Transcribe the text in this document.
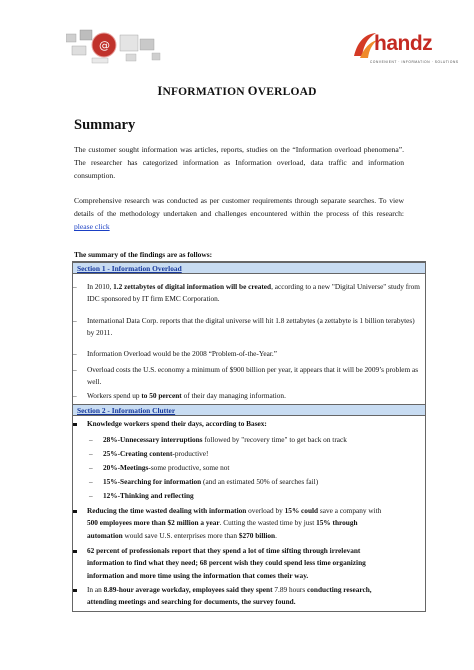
@	handz
CONVENIENT · INFORMATION · SOLUTIONS
INFORMATION OVERLOAD
Summary
The customer sought information was articles, reports, studies on the “Information overload phenomena”. The researcher has categorized information as Information overload, data traffic and information consumption.
Comprehensive research was conducted as per customer requirements through separate searches. To view details of the methodology undertaken and challenges encountered within the process of this research: please click
The summary of the findings are as follows:
Section 1 - Information Overload
– In 2010, 1.2 zettabytes of digital information will be created, according to a new "Digital Universe" study from IDC sponsored by IT firm EMC Corporation.
– International Data Corp. reports that the digital universe will hit 1.8 zettabytes (a zettabyte is 1 billion terabytes) by 2011.
– Information Overload would be the 2008 “Problem-of-the-Year.”
– Overload costs the U.S. economy a minimum of $900 billion per year, it appears that it will be 2009’s problem as well.
– Workers spend up to 50 percent of their day managing information.
Section 2 - Information Clutter
Knowledge workers spend their days, according to Basex:
– 28%-Unnecessary interruptions followed by "recovery time" to get back on track
– 25%-Creating content-productive!
– 20%-Meetings-some productive, some not
– 15%-Searching for information (and an estimated 50% of searches fail)
– 12%-Thinking and reflecting
Reducing the time wasted dealing with information overload by 15% could save a company with
500 employees more than $2 million a year. Cutting the wasted time by just 15% through
automation would save U.S. enterprises more than $270 billion.
62 percent of professionals report that they spend a lot of time sifting through irrelevant
information to find what they need; 68 percent wish they could spend less time organizing
information and more time using the information that comes their way.
In an 8.89-hour average workday, employees said they spent 7.89 hours conducting research,
attending meetings and searching for documents, the survey found.
